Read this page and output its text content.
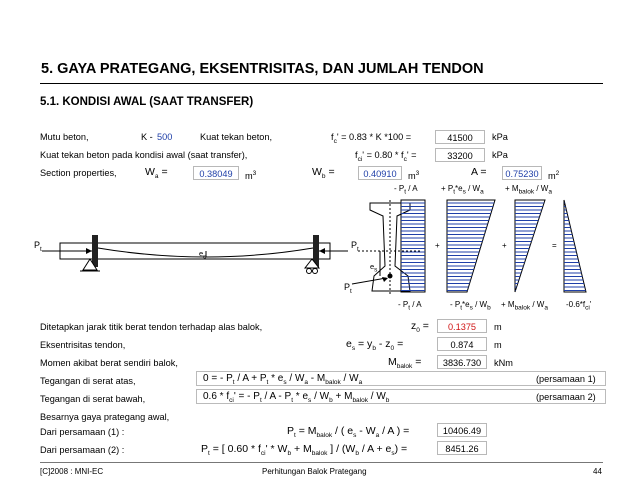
5. GAYA PRATEGANG, EKSENTRISITAS, DAN JUMLAH TENDON
5.1. KONDISI AWAL (SAAT TRANSFER)
Mutu beton,	K - 500	Kuat tekan beton,	$f_c' = 0.83 * K$ *100 =	41500	kPa
Kuat tekan beton pada kondisi awal (saat transfer),	$f_{ci}' = 0.80 * f_c'$ =	33200	kPa
Section properties,	$W_a$ =	0.38049	$m^3$	$W_b$ =	0.40910	$m^3$	A =	0.75230	$m^2$
- $P_t$ / A	+ $P_t*e_s / W_a$	+ $M_{balok} / W_a$
+	+	=
$P_t$	$P_t$
$P_t$
$e_s$
$e_s$
- $P_t$ / A	- $P_t*e_s / W_b + M_{balok} / W_a$ $-0.6*f_{ci}'$
Ditetapkan jarak titik berat tendon terhadap alas balok,	$z_0$ =	0.1375	m
Eksentrisitas tendon,	$e_s = y_b - z_0$ =	0.874	m
Momen akibat berat sendiri balok,	$M_{balok}$ =	3836.730	kNm
Tegangan di serat atas,	0 = - $P_t / A + P_t * e_s / W_a - M_{balok} / W_a$	(persamaan 1)
Tegangan di serat bawah,	$0.6 * f_{ci}'$ = - $P_t / A - P_t * e_s / W_b + M_{balok} / W_b$	(persamaan 2)
Besarnya gaya prategang awal,
Dari persamaan (1) :	$P_t = M_{balok}$ / ( $e_s - W_a$ / A ) =	10406.49
Dari persamaan (2) :	$P_t$ = [ $0.60 * f_{ci}' * W_b + M_{balok}$ ] / $(W_b / A + e_s)$ =	8451.26
[C]2008 : MNI-EC	Perhitungan Balok Prategang	44
